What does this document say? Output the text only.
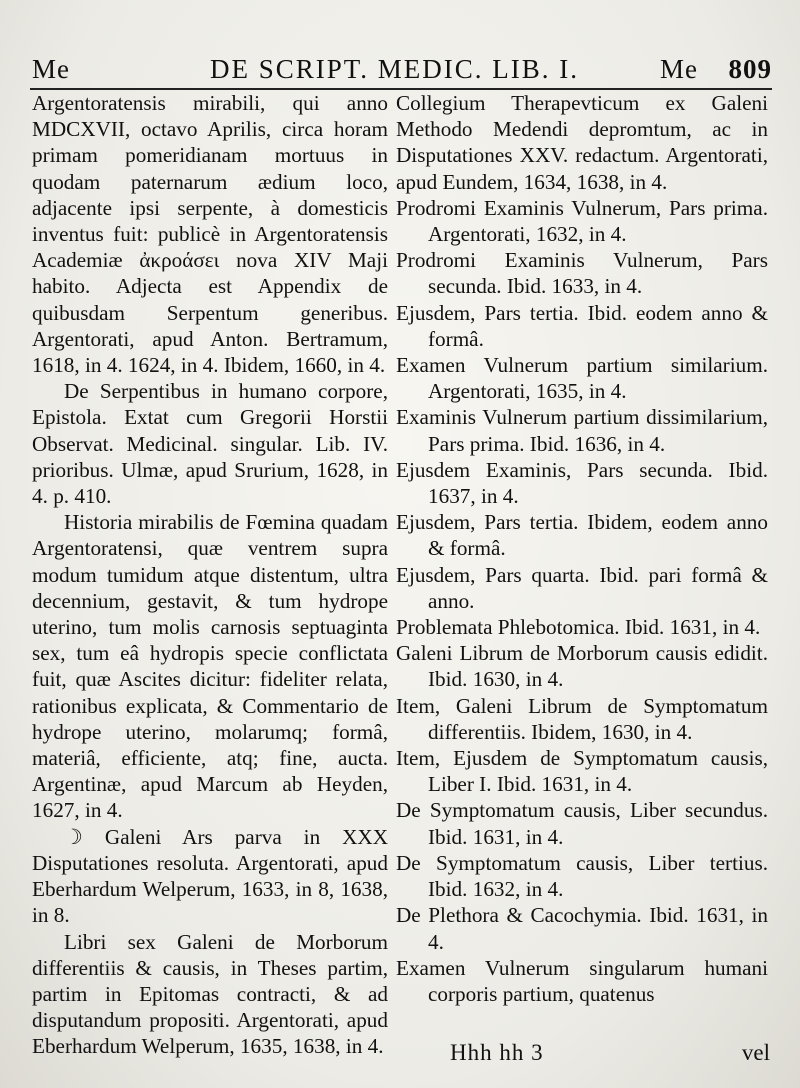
Me	DE SCRIPT. MEDIC. LIB. I.	Me 809

Argentoratensis mirabili, qui anno MDCXVII, octavo Aprilis, circa horam primam pomeridianam mortuus in quodam paternarum ædium loco, adjacente ipsi serpente, à domesticis inventus fuit: publicè in Argentoratensis Academiæ ἀκροάσει nova XIV Maji habito. Adjecta est Appendix de quibusdam Serpentum generibus. Argentorati, apud Anton. Bertramum, 1618, in 4. 1624, in 4. Ibidem, 1660, in 4.

De Serpentibus in humano corpore, Epistola. Extat cum Gregorii Horstii Observat. Medicinal. singular. Lib. IV. prioribus. Ulmæ, apud Srurium, 1628, in 4. p. 410.

Historia mirabilis de Fœmina quadam Argentoratensi, quæ ventrem supra modum tumidum atque distentum, ultra decennium, gestavit, & tum hydrope uterino, tum molis carnosis septuaginta sex, tum eâ hydropis specie conflictata fuit, quæ Ascites dicitur: fideliter relata, rationibus explicata, & Commentario de hydrope uterino, molarumq; formâ, materiâ, efficiente, atq; fine, aucta. Argentinæ, apud Marcum ab Heyden, 1627, in 4.

☽ Galeni Ars parva in XXX Disputationes resoluta. Argentorati, apud Eberhardum Welperum, 1633, in 8, 1638, in 8.

Libri sex Galeni de Morborum differentiis & causis, in Theses partim, partim in Epitomas contracti, & ad disputandum propositi. Argentorati, apud Eberhardum Welperum, 1635, 1638, in 4.

Collegium Therapevticum ex Galeni Methodo Medendi depromtum, ac in Disputationes XXV. redactum. Argentorati, apud Eundem, 1634, 1638, in 4.

Prodromi Examinis Vulnerum, Pars prima. Argentorati, 1632, in 4.

Prodromi Examinis Vulnerum, Pars secunda. Ibid. 1633, in 4.

Ejusdem, Pars tertia. Ibid. eodem anno & formâ.

Examen Vulnerum partium similarium. Argentorati, 1635, in 4.

Examinis Vulnerum partium dissimilarium, Pars prima. Ibid. 1636, in 4.

Ejusdem Examinis, Pars secunda. Ibid. 1637, in 4.

Ejusdem, Pars tertia. Ibidem, eodem anno & formâ.

Ejusdem, Pars quarta. Ibid. pari formâ & anno.

Problemata Phlebotomica. Ibid. 1631, in 4.

Galeni Librum de Morborum causis edidit. Ibid. 1630, in 4.

Item, Galeni Librum de Symptomatum differentiis. Ibidem, 1630, in 4.

Item, Ejusdem de Symptomatum causis, Liber I. Ibid. 1631, in 4.

De Symptomatum causis, Liber secundus. Ibid. 1631, in 4.

De Symptomatum causis, Liber tertius. Ibid. 1632, in 4.

De Plethora & Cacochymia. Ibid. 1631, in 4.

Examen Vulnerum singularum humani corporis partium, quatenus

Hhh hh 3	vel
